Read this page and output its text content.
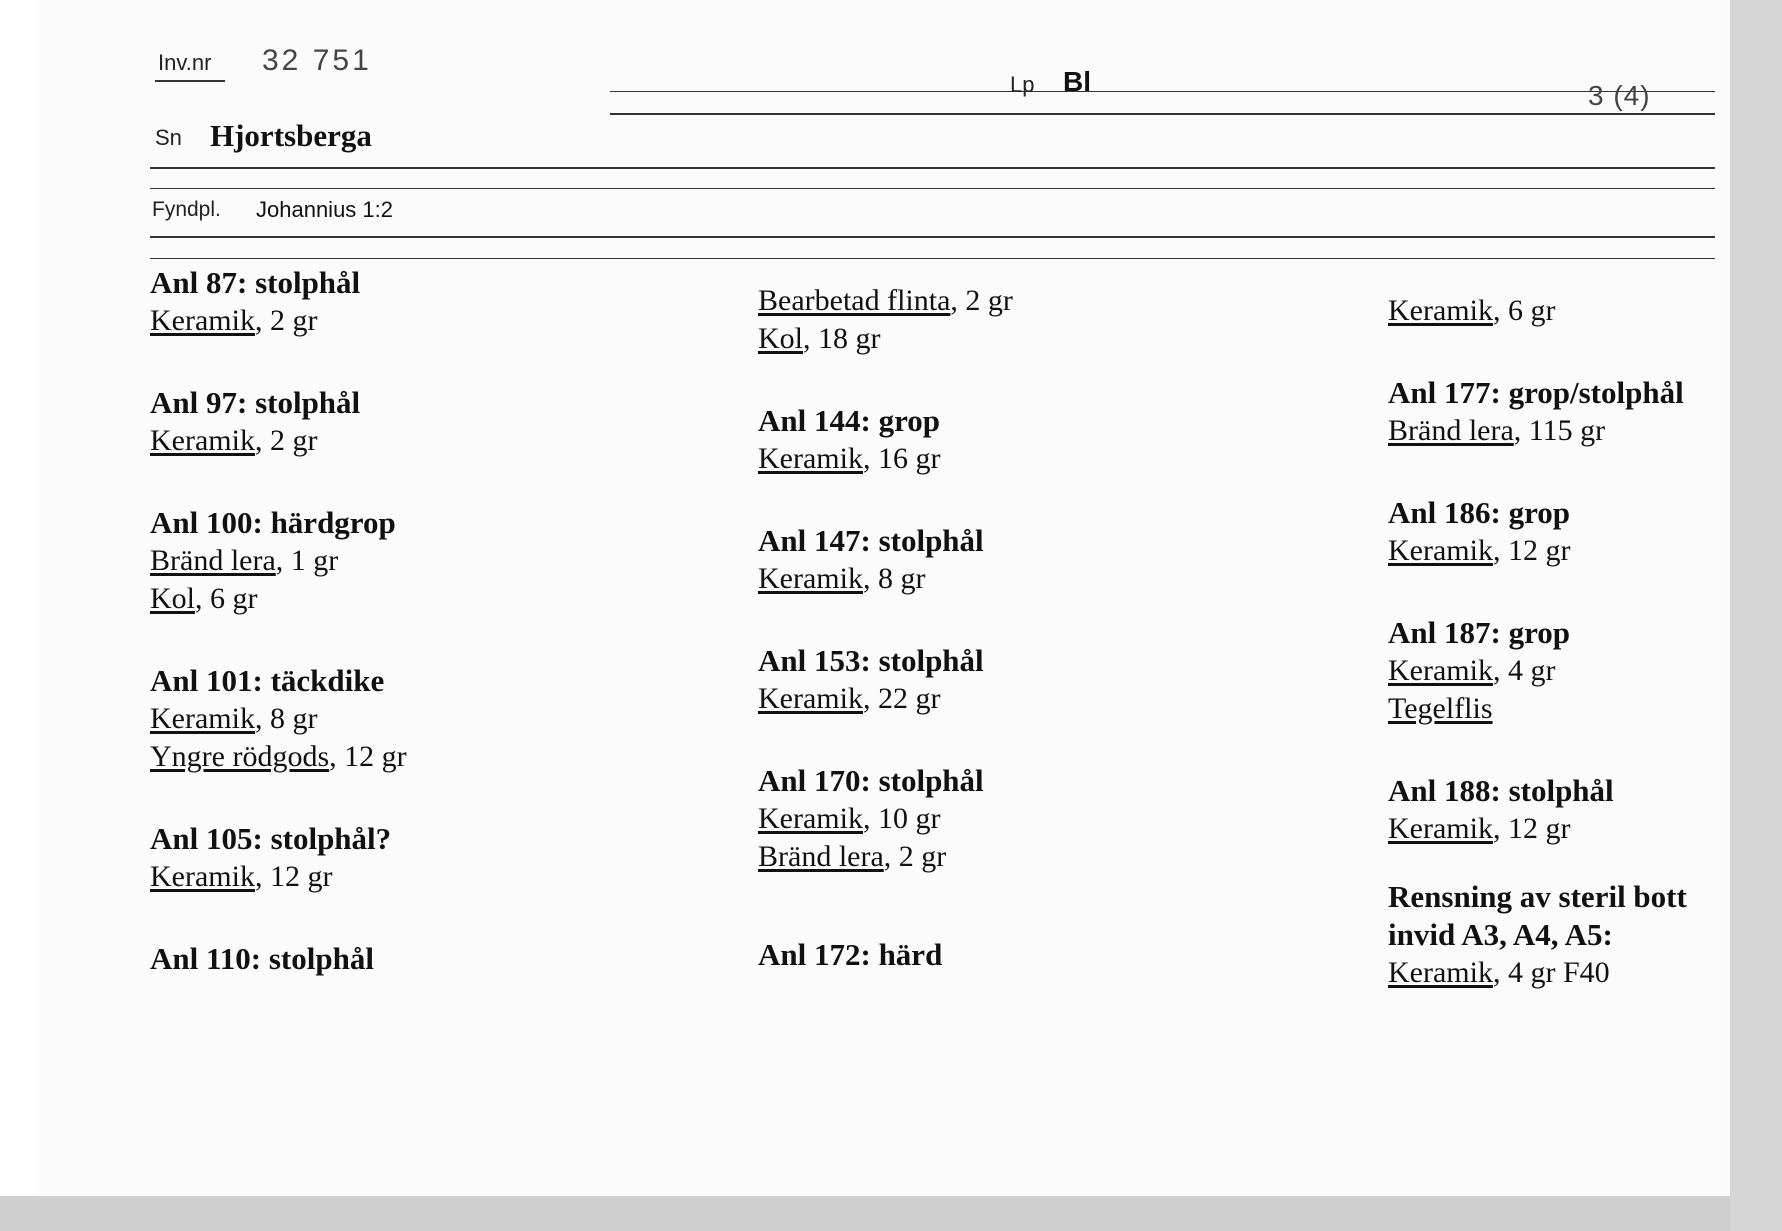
Inv.nr 32 751
Lp Bl	3 (4)
Sn Hjortsberga
Fyndpl. Johannius 1:2
Anl 87: stolphål
Keramik, 2 gr
Anl 97: stolphål
Keramik, 2 gr
Anl 100: härdgrop
Bränd lera, 1 gr
Kol, 6 gr
Anl 101: täckdike
Keramik, 8 gr
Yngre rödgods, 12 gr
Anl 105: stolphål?
Keramik, 12 gr
Anl 110: stolphål
Bearbetad flinta, 2 gr
Kol, 18 gr
Anl 144: grop
Keramik, 16 gr
Anl 147: stolphål
Keramik, 8 gr
Anl 153: stolphål
Keramik, 22 gr
Anl 170: stolphål
Keramik, 10 gr
Bränd lera, 2 gr
Anl 172: härd
Keramik, 6 gr
Anl 177: grop/stolphål
Bränd lera, 115 gr
Anl 186: grop
Keramik, 12 gr
Anl 187: grop
Keramik, 4 gr
Tegelflis
Anl 188: stolphål
Keramik, 12 gr
Rensning av steril bott invid A3, A4, A5:
Keramik, 4 gr F40
